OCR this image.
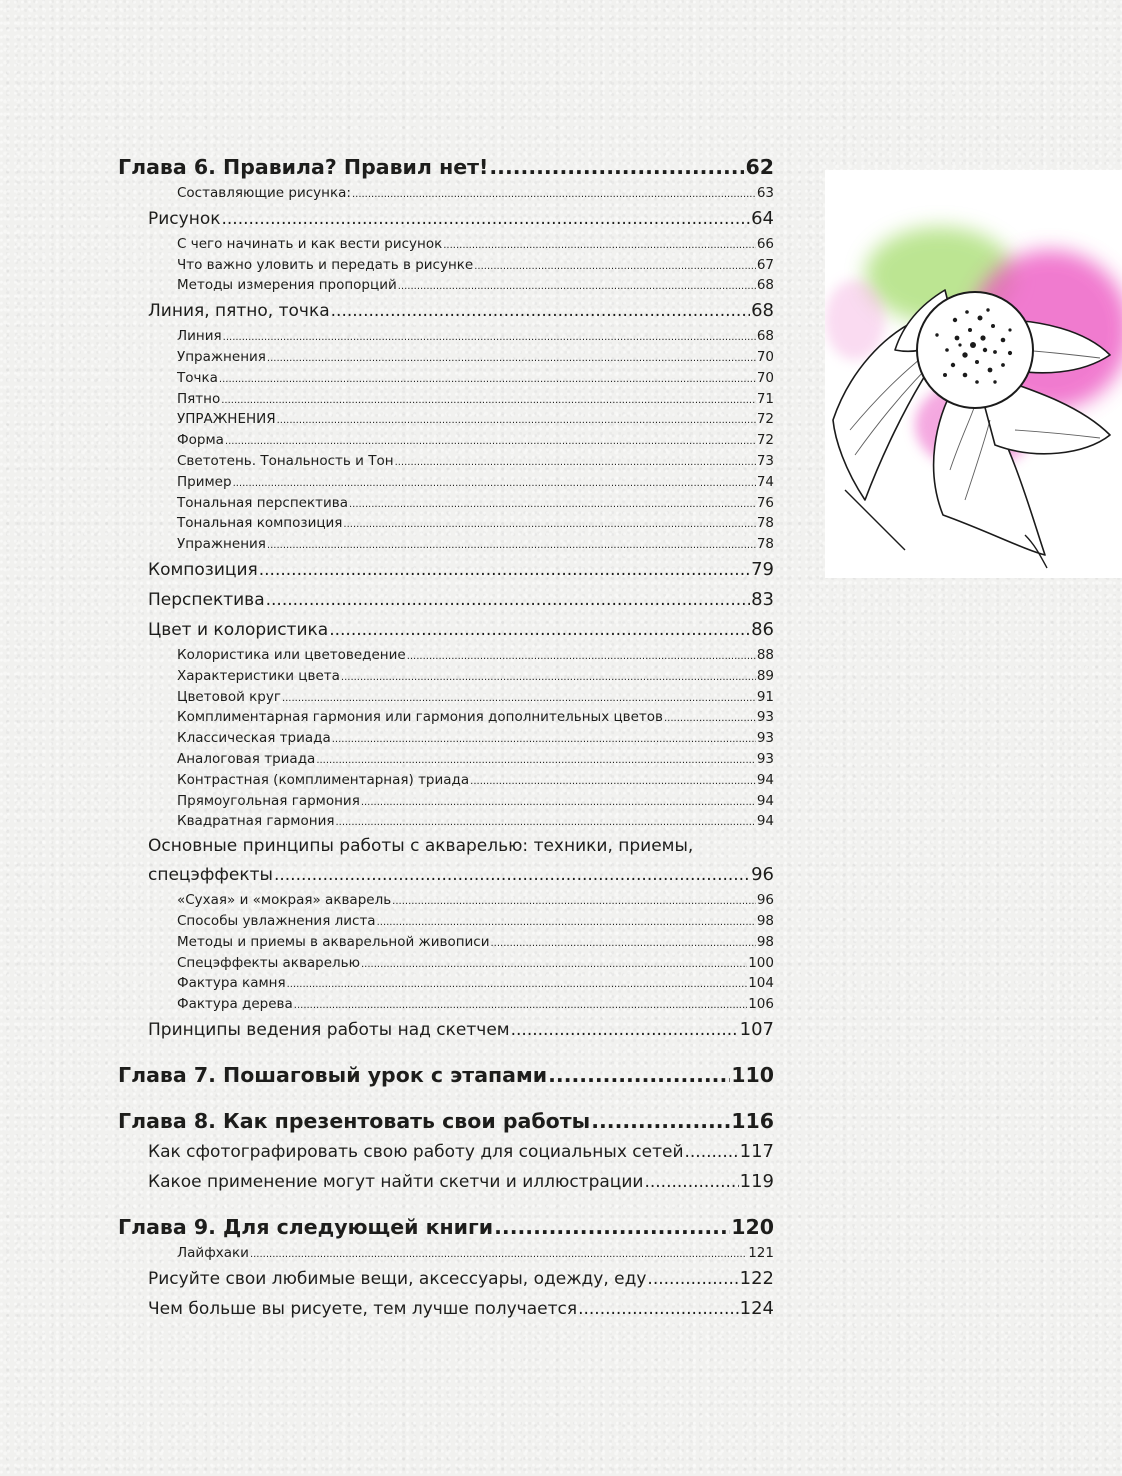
Глава 6. Правила? Правил нет! .....	62
Составляющие рисунка: .....	63
Рисунок .....	64
С чего начинать и как вести рисунок .....	66
Что важно уловить и передать в рисунке .....	67
Методы измерения пропорций .....	68
Линия, пятно, точка .....	68
Линия .....	68
Упражнения .....	70
Точка .....	70
Пятно .....	71
УПРАЖНЕНИЯ .....	72
Форма .....	72
Светотень. Тональность и Тон .....	73
Пример .....	74
Тональная перспектива .....	76
Тональная композиция .....	78
Упражнения .....	78
Композиция .....	79
Перспектива .....	83
Цвет и колористика .....	86
Колористика или цветоведение .....	88
Характеристики цвета .....	89
Цветовой круг .....	91
Комплиментарная гармония или гармония дополнительных цветов .....	93
Классическая триада .....	93
Аналоговая триада .....	93
Контрастная (комплиментарная) триада .....	94
Прямоугольная гармония .....	94
Квадратная гармония .....	94
Основные принципы работы с акварелью: техники, приемы,
спецэффекты .....	96
«Сухая» и «мокрая» акварель .....	96
Способы увлажнения листа .....	98
Методы и приемы в акварельной живописи .....	98
Спецэффекты акварелью .....	100
Фактура камня .....	104
Фактура дерева .....	106
Принципы ведения работы над скетчем .....	107
Глава 7. Пошаговый урок с этапами .....	110
Глава 8. Как презентовать свои работы .....	116
Как сфотографировать свою работу для социальных сетей .....	117
Какое применение могут найти скетчи и иллюстрации .....	119
Глава 9. Для следующей книги .....	120
Лайфхаки .....	121
Рисуйте свои любимые вещи, аксессуары, одежду, еду .....	122
Чем больше вы рисуете, тем лучше получается .....	124
